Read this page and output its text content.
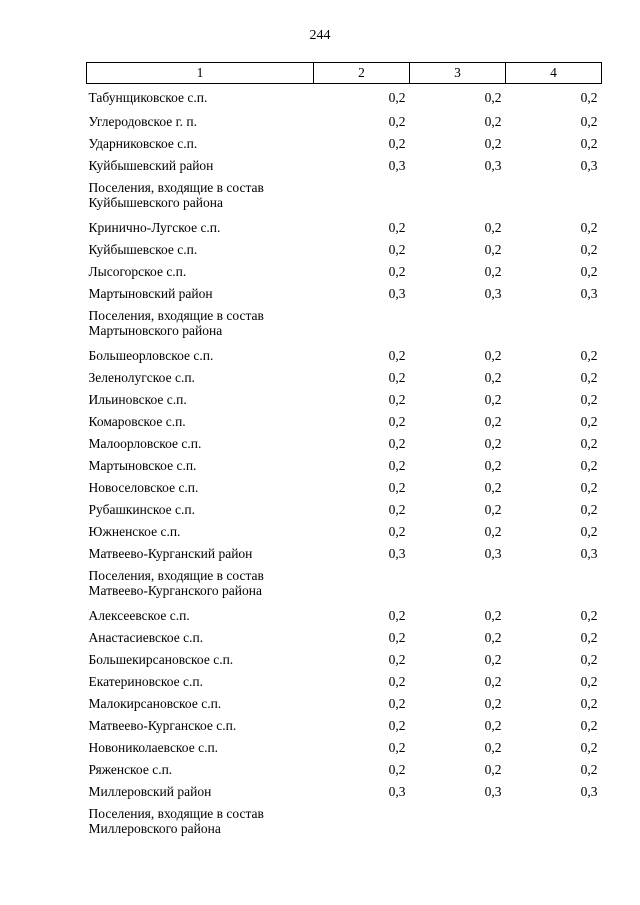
244
1	2	3	4
Табунщиковское с.п.	0,2	0,2	0,2
Углеродовское г. п.	0,2	0,2	0,2
Ударниковское с.п.	0,2	0,2	0,2
Куйбышевский район	0,3	0,3	0,3
Поселения, входящие в состав Куйбышевского района			
Кринично-Лугское с.п.	0,2	0,2	0,2
Куйбышевское с.п.	0,2	0,2	0,2
Лысогорское с.п.	0,2	0,2	0,2
Мартыновский район	0,3	0,3	0,3
Поселения, входящие в состав Мартыновского района			
Большеорловское с.п.	0,2	0,2	0,2
Зеленолугское с.п.	0,2	0,2	0,2
Ильиновское с.п.	0,2	0,2	0,2
Комаровское с.п.	0,2	0,2	0,2
Малоорловское с.п.	0,2	0,2	0,2
Мартыновское с.п.	0,2	0,2	0,2
Новоселовское с.п.	0,2	0,2	0,2
Рубашкинское с.п.	0,2	0,2	0,2
Южненское с.п.	0,2	0,2	0,2
Матвеево-Курганский район	0,3	0,3	0,3
Поселения, входящие в состав Матвеево-Курганского района			
Алексеевское с.п.	0,2	0,2	0,2
Анастасиевское с.п.	0,2	0,2	0,2
Большекирсановское с.п.	0,2	0,2	0,2
Екатериновское с.п.	0,2	0,2	0,2
Малокирсановское с.п.	0,2	0,2	0,2
Матвеево-Курганское с.п.	0,2	0,2	0,2
Новониколаевское с.п.	0,2	0,2	0,2
Ряженское с.п.	0,2	0,2	0,2
Миллеровский район	0,3	0,3	0,3
Поселения, входящие в состав Миллеровского района			
